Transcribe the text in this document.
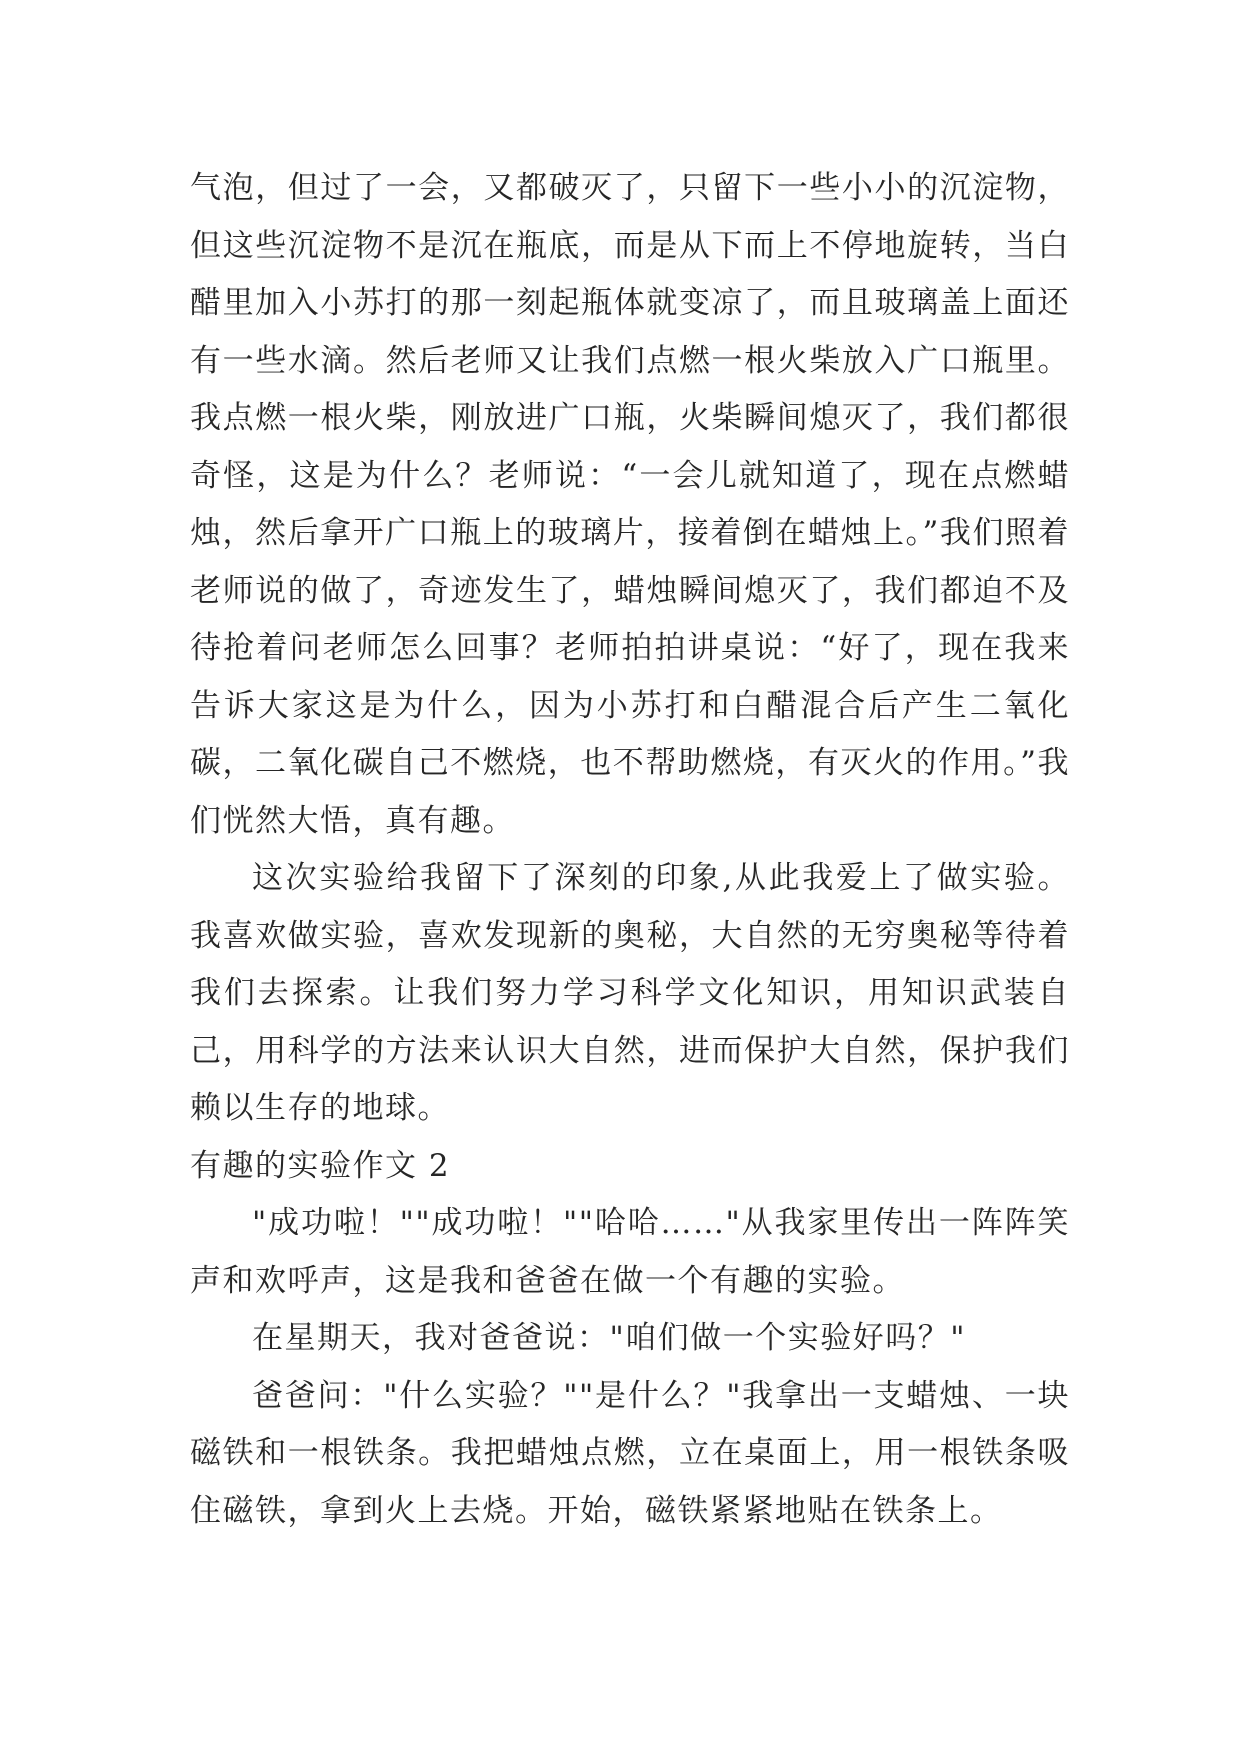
气泡，但过了一会，又都破灭了，只留下一些小小的沉淀物，但这些沉淀物不是沉在瓶底，而是从下而上不停地旋转，当白醋里加入小苏打的那一刻起瓶体就变凉了，而且玻璃盖上面还有一些水滴。然后老师又让我们点燃一根火柴放入广口瓶里。我点燃一根火柴，刚放进广口瓶，火柴瞬间熄灭了，我们都很奇怪，这是为什么？老师说：“一会儿就知道了，现在点燃蜡烛，然后拿开广口瓶上的玻璃片，接着倒在蜡烛上。”我们照着老师说的做了，奇迹发生了，蜡烛瞬间熄灭了，我们都迫不及待抢着问老师怎么回事？老师拍拍讲桌说：“好了，现在我来告诉大家这是为什么，因为小苏打和白醋混合后产生二氧化碳，二氧化碳自己不燃烧，也不帮助燃烧，有灭火的作用。”我们恍然大悟，真有趣。

这次实验给我留下了深刻的印象,从此我爱上了做实验。我喜欢做实验，喜欢发现新的奥秘，大自然的无穷奥秘等待着我们去探索。让我们努力学习科学文化知识，用知识武装自己，用科学的方法来认识大自然，进而保护大自然，保护我们赖以生存的地球。

有趣的实验作文 2

"成功啦！""成功啦！""哈哈……"从我家里传出一阵阵笑声和欢呼声，这是我和爸爸在做一个有趣的实验。

在星期天，我对爸爸说："咱们做一个实验好吗？"

爸爸问："什么实验？""是什么？"我拿出一支蜡烛、一块磁铁和一根铁条。我把蜡烛点燃，立在桌面上，用一根铁条吸住磁铁，拿到火上去烧。开始，磁铁紧紧地贴在铁条上。
